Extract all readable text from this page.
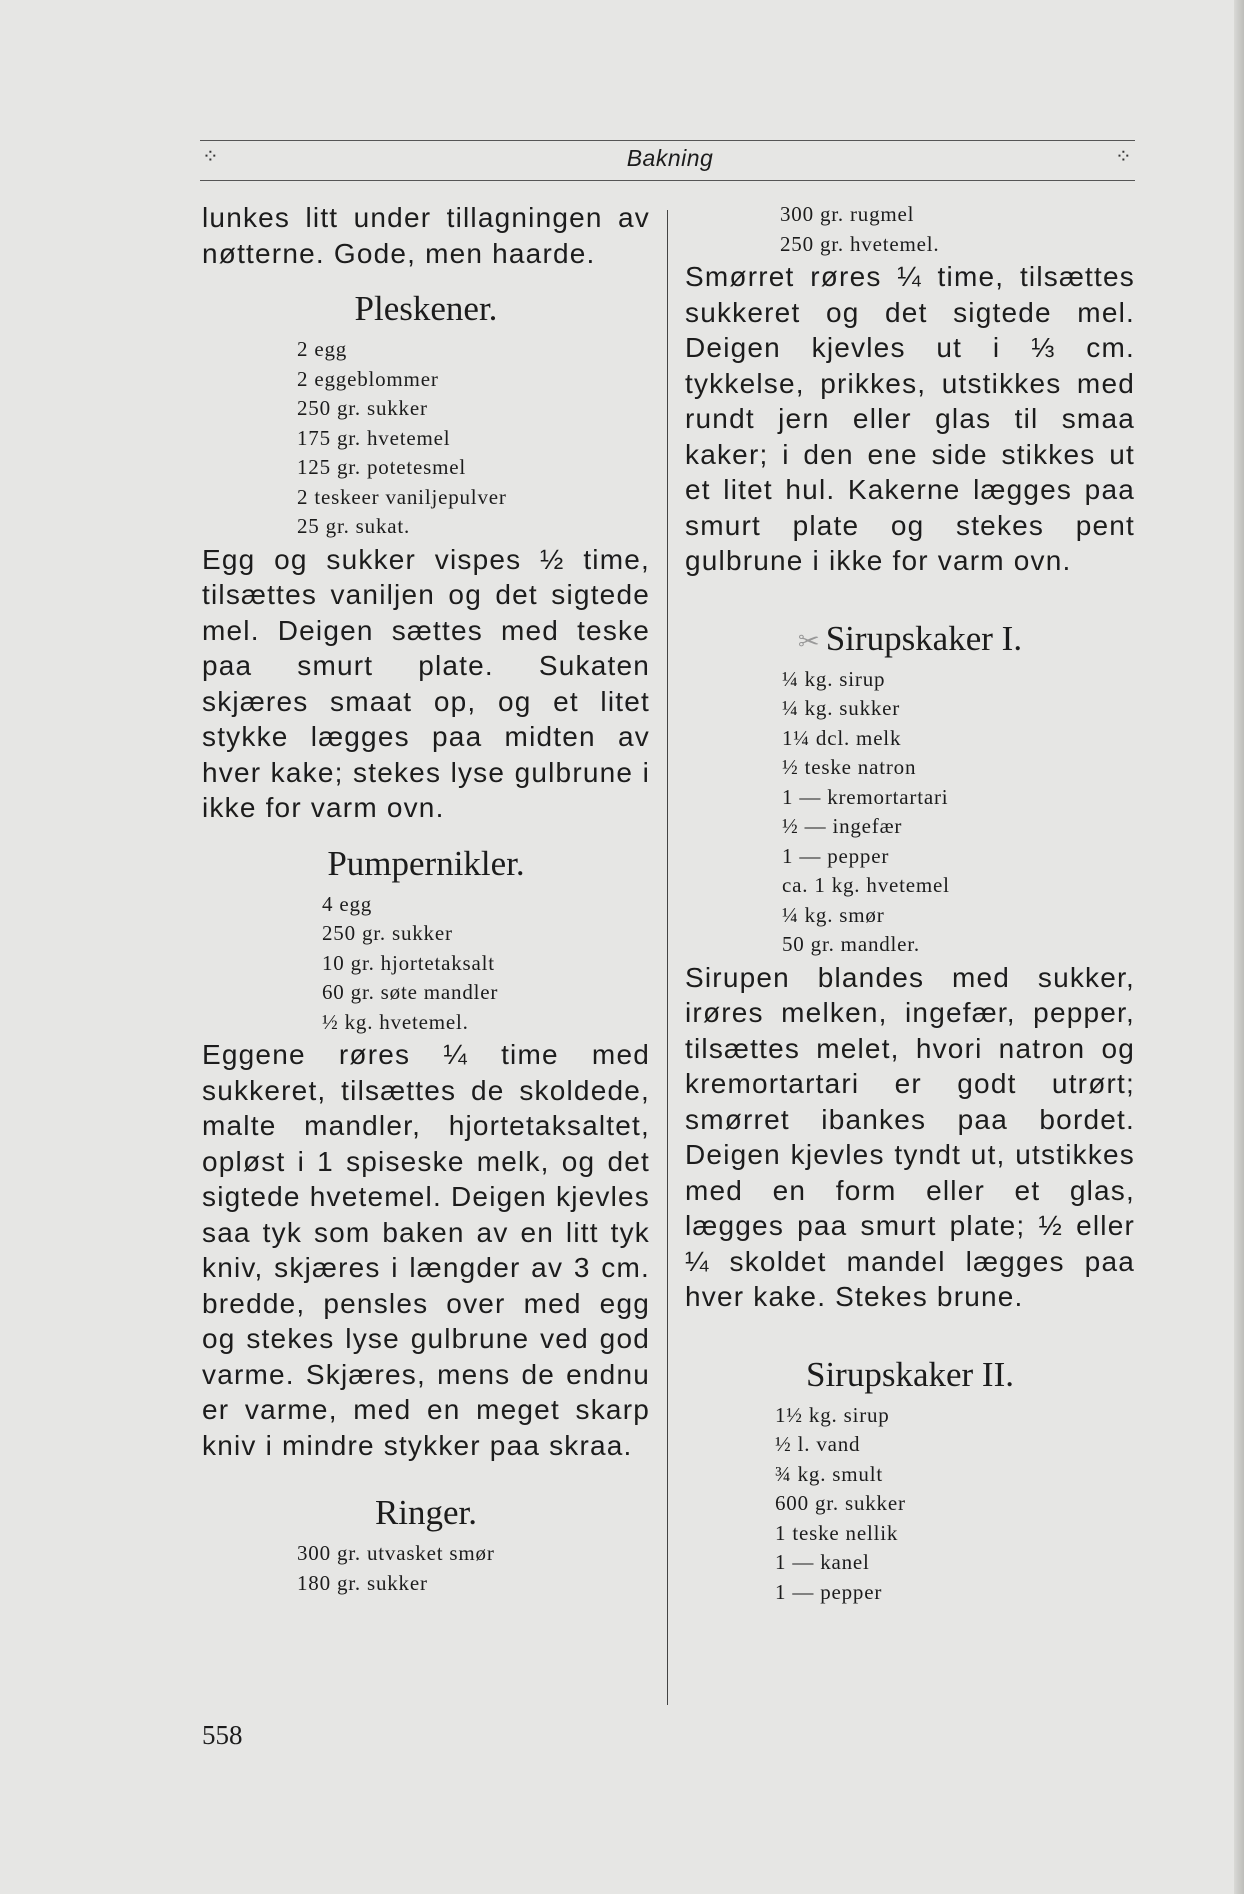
⁘	Bakning	⁘

lunkes litt under tillagningen av nøtterne. Gode, men haarde.

Pleskener.
2 egg
2 eggeblommer
250 gr. sukker
175 gr. hvetemel
125 gr. potetesmel
2 teskeer vaniljepulver
25 gr. sukat.

Egg og sukker vispes ½ time, tilsættes vaniljen og det sigtede mel. Deigen sættes med teske paa smurt plate. Sukaten skjæres smaat op, og et litet stykke lægges paa midten av hver kake; stekes lyse gulbrune i ikke for varm ovn.

Pumpernikler.
4 egg
250 gr. sukker
10 gr. hjortetaksalt
60 gr. søte mandler
½ kg. hvetemel.

Eggene røres ¼ time med sukkeret, tilsættes de skoldede, malte mandler, hjortetaksaltet, opløst i 1 spiseske melk, og det sigtede hvetemel. Deigen kjevles saa tyk som baken av en litt tyk kniv, skjæres i længder av 3 cm. bredde, pensles over med egg og stekes lyse gulbrune ved god varme. Skjæres, mens de endnu er varme, med en meget skarp kniv i mindre stykker paa skraa.

Ringer.
300 gr. utvasket smør
180 gr. sukker
300 gr. rugmel
250 gr. hvetemel.

Smørret røres ¼ time, tilsættes sukkeret og det sigtede mel. Deigen kjevles ut i ⅓ cm. tykkelse, prikkes, utstikkes med rundt jern eller glas til smaa kaker; i den ene side stikkes ut et litet hul. Kakerne lægges paa smurt plate og stekes pent gulbrune i ikke for varm ovn.

✂ Sirupskaker I.
¼ kg. sirup
¼ kg. sukker
1¼ dcl. melk
½ teske natron
1 — kremortartari
½ — ingefær
1 — pepper
ca. 1 kg. hvetemel
¼ kg. smør
50 gr. mandler.

Sirupen blandes med sukker, irøres melken, ingefær, pepper, tilsættes melet, hvori natron og kremortartari er godt utrørt; smørret ibankes paa bordet. Deigen kjevles tyndt ut, utstikkes med en form eller et glas, lægges paa smurt plate; ½ eller ¼ skoldet mandel lægges paa hver kake. Stekes brune.

Sirupskaker II.
1½ kg. sirup
½ l. vand
¾ kg. smult
600 gr. sukker
1 teske nellik
1 — kanel
1 — pepper
558
